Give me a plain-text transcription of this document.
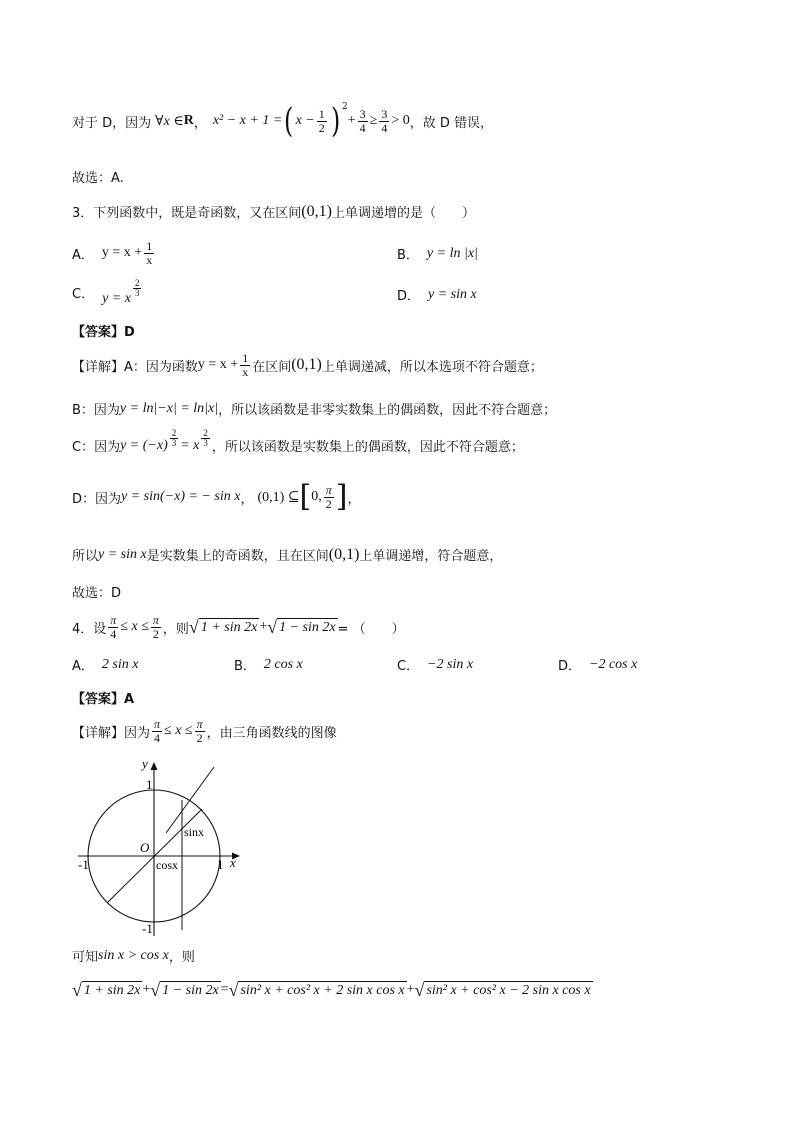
对于 D，因为 ∀x ∈ R ， x² − x + 1 = ( $x - \frac{1}{2}$ ) 2
+ $\frac{3}{4} \ge \frac{3}{4} > 0$ ，故 D 错误，
故选：A.
3．下列函数中，既是奇函数，又在区间 (0,1) 上单调递增的是（　　）
A． $y = x + \frac{1}{x}$	B． y = ln |x|
C． y = x $\frac{2}{3}$	D． y = sin x
【答案】D
【详解】A：因为函数 $y = x + \frac{1}{x}$ 在区间 (0,1) 上单调递减，所以本选项不符合题意；
B：因为 y = ln|−x| = ln|x| ，所以该函数是非零实数集上的偶函数，因此不符合题意；
C：因为 $y = (-x) \frac{2}{3} = x \frac{2}{3}$ ，所以该函数是实数集上的偶函数，因此不符合题意；
D：因为 y = sin(−x) = − sin x ， (0,1) ⊆ [ 0, $\frac{\pi}{2}$ ] ，
所以 y = sin x 是实数集上的奇函数，且在区间 (0,1) 上单调递增，符合题意，
故选：D
4．设 $\frac{\pi}{4} \le x \le \frac{\pi}{2}$ ，则 √ 1 + sin 2x + √ 1 − sin 2x = （　　）
A． 2 sin x	B． 2 cos x	C． −2 sin x	D． −2 cos x
【答案】A
【详解】因为 $\frac{\pi}{4} \le x \le \frac{\pi}{2}$ ，由三角函数线的图像
y
1
O
sinx
cosx
-1	1 x
-1
可知 sin x > cos x ，则
√ 1 + sin 2x + √ 1 − sin 2x = √ sin² x + cos² x + 2 sin x cos x + √ sin² x + cos² x − 2 sin x cos x
